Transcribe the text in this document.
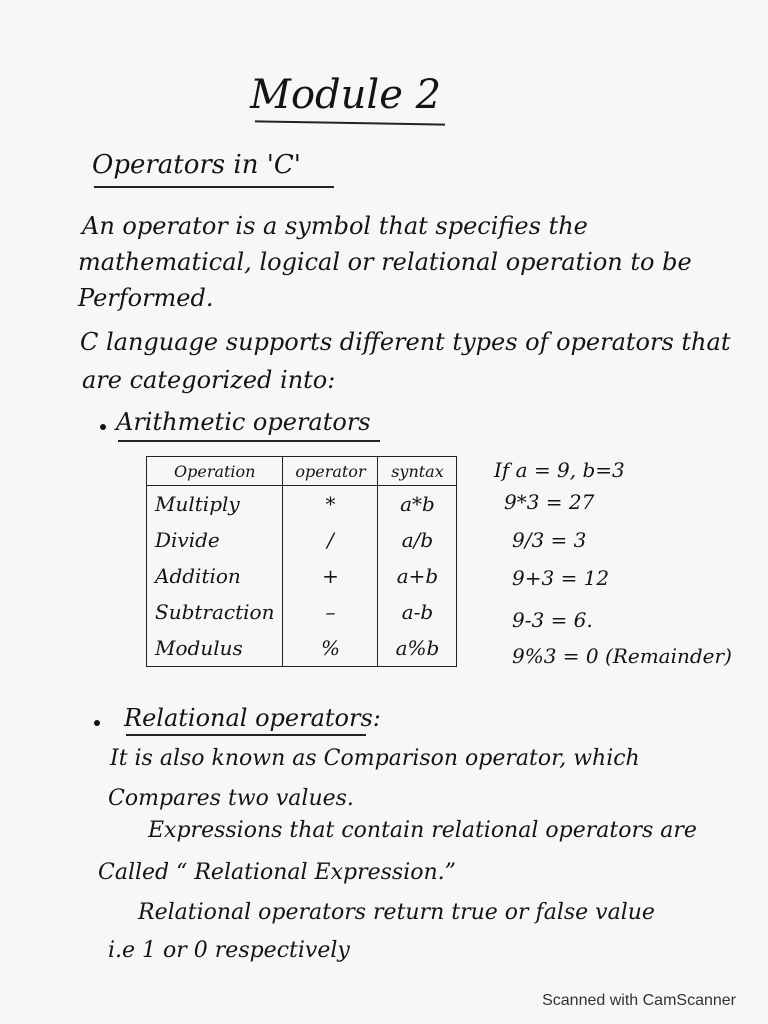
Module 2
Operators in 'C'
An operator is a symbol that specifies the
mathematical, logical or relational operation to be
Performed.
C language supports different types of operators that
are categorized into:
Arithmetic operators
Operation	operator	syntax
Multiply	*	a*b
Divide	/	a/b
Addition	+	a+b
Subtraction	–	a-b
Modulus	%	a%b
If a = 9, b=3
9*3 = 27
9/3 = 3
9+3 = 12
9-3 = 6.
9%3 = 0 (Remainder)
Relational operators:
It is also known as Comparison operator, which
Compares two values.
Expressions that contain relational operators are
Called “ Relational Expression.”
Relational operators return true or false value
i.e 1 or 0 respectively
Scanned with CamScanner
